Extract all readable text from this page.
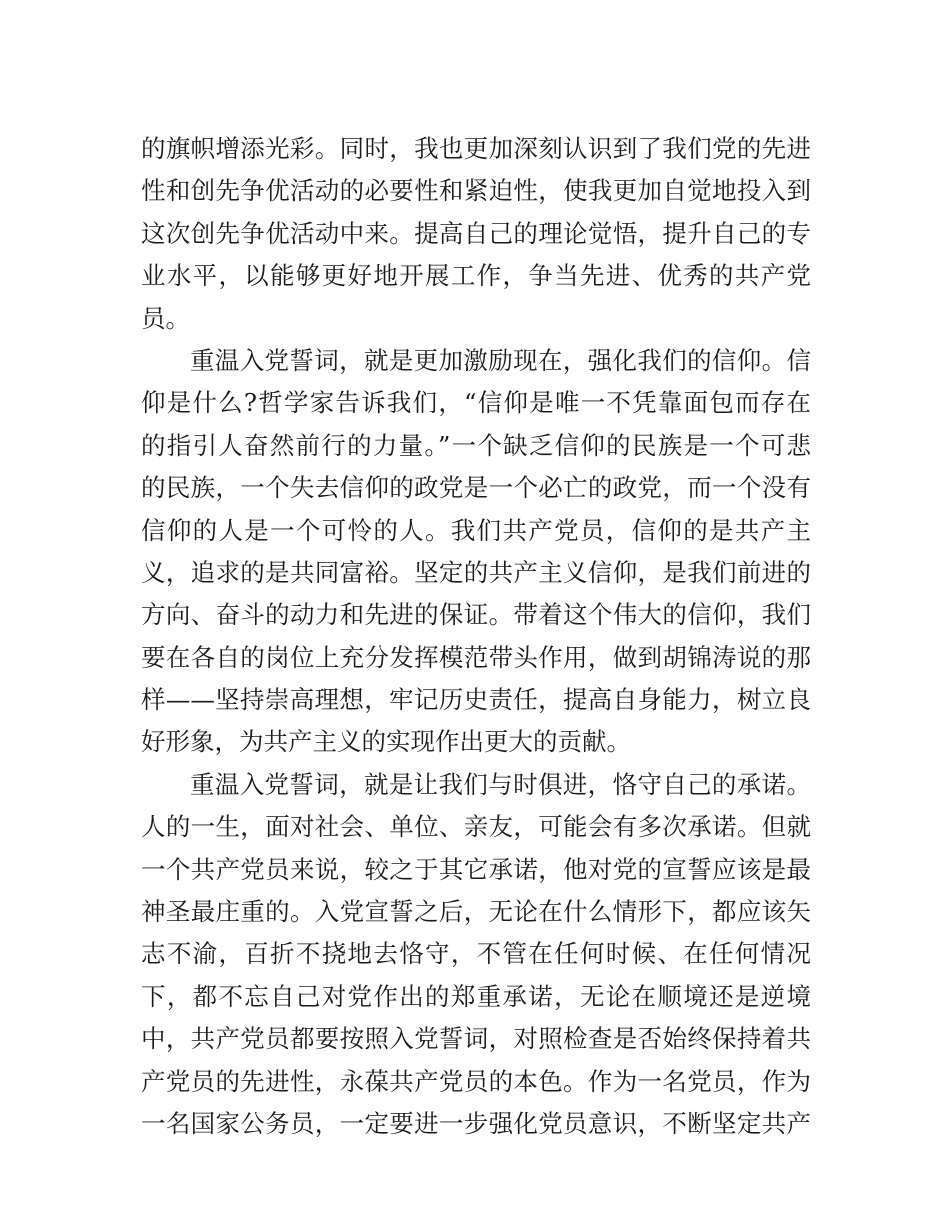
的旗帜增添光彩。同时，我也更加深刻认识到了我们党的先进
性和创先争优活动的必要性和紧迫性，使我更加自觉地投入到
这次创先争优活动中来。提高自己的理论觉悟，提升自己的专
业水平，以能够更好地开展工作，争当先进、优秀的共产党
员。
重温入党誓词，就是更加激励现在，强化我们的信仰。信
仰是什么?哲学家告诉我们，“信仰是唯一不凭靠面包而存在
的指引人奋然前行的力量。”一个缺乏信仰的民族是一个可悲
的民族，一个失去信仰的政党是一个必亡的政党，而一个没有
信仰的人是一个可怜的人。我们共产党员，信仰的是共产主
义，追求的是共同富裕。坚定的共产主义信仰，是我们前进的
方向、奋斗的动力和先进的保证。带着这个伟大的信仰，我们
要在各自的岗位上充分发挥模范带头作用，做到胡锦涛说的那
样——坚持崇高理想，牢记历史责任，提高自身能力，树立良
好形象，为共产主义的实现作出更大的贡献。
重温入党誓词，就是让我们与时俱进，恪守自己的承诺。
人的一生，面对社会、单位、亲友，可能会有多次承诺。但就
一个共产党员来说，较之于其它承诺，他对党的宣誓应该是最
神圣最庄重的。入党宣誓之后，无论在什么情形下，都应该矢
志不渝，百折不挠地去恪守，不管在任何时候、在任何情况
下，都不忘自己对党作出的郑重承诺，无论在顺境还是逆境
中，共产党员都要按照入党誓词，对照检查是否始终保持着共
产党员的先进性，永葆共产党员的本色。作为一名党员，作为
一名国家公务员，一定要进一步强化党员意识，不断坚定共产
